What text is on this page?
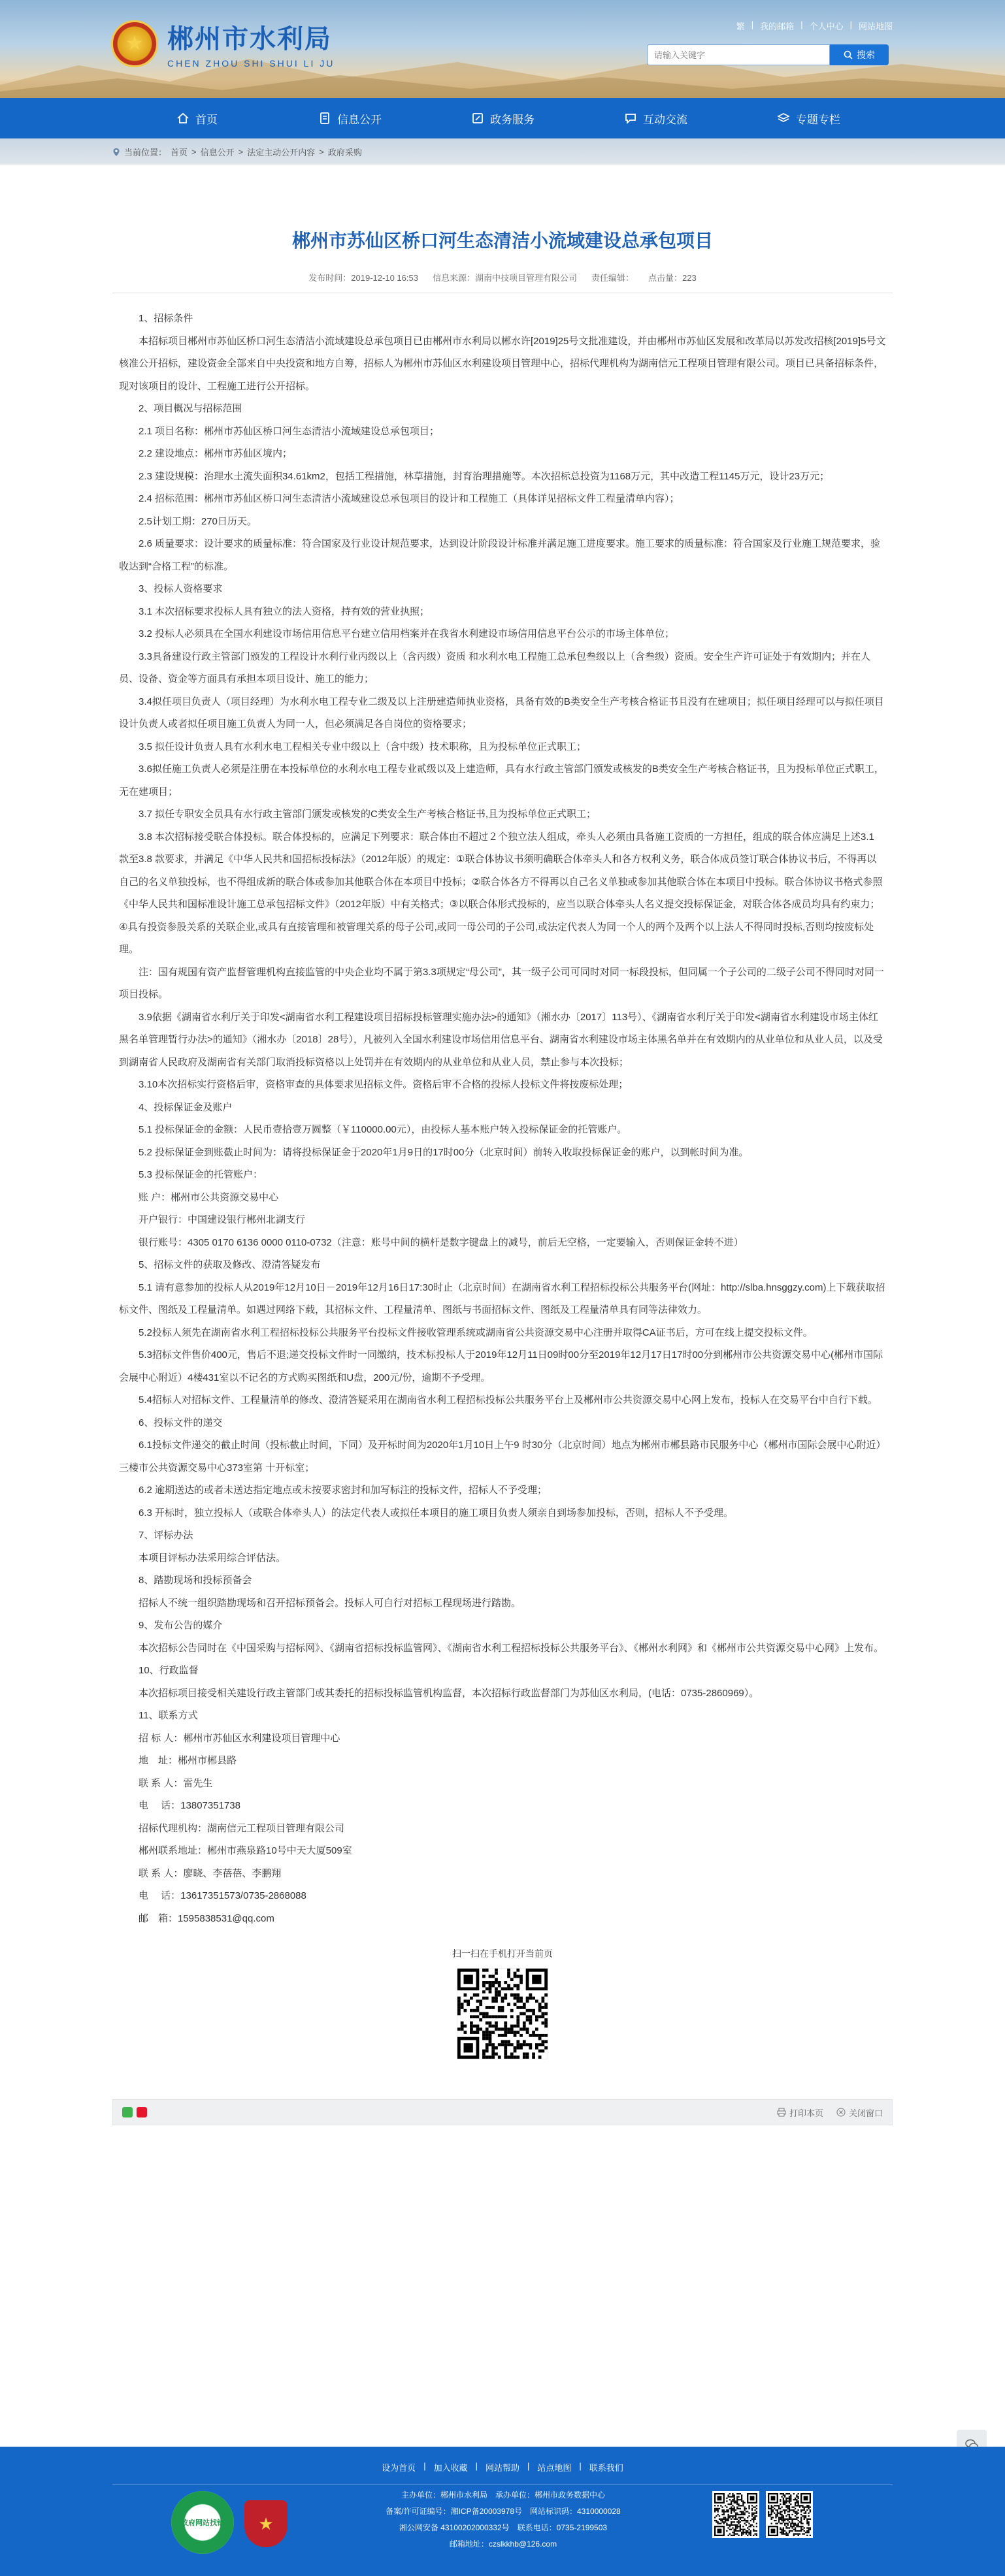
★ 郴州市水利局
CHEN ZHOU SHI SHUI LI JU
繁 | 我的邮箱 | 个人中心 | 网站地图
请输入关键字
搜索
首页	信息公开	政务服务	互动交流	专题专栏
当前位置： 首页 > 信息公开 > 法定主动公开内容 > 政府采购
郴州市苏仙区桥口河生态清洁小流域建设总承包项目
发布时间：2019-12-10 16:53 信息来源：湖南中技项目管理有限公司 责任编辑： 点击量：223

1、招标条件

本招标项目郴州市苏仙区桥口河生态清洁小流域建设总承包项目已由郴州市水利局以郴水许[2019]25号文批准建设，并由郴州市苏仙区发展和改革局以苏发改招核[2019]5号文核准公开招标，建设资金全部来自中央投资和地方自筹，招标人为郴州市苏仙区水利建设项目管理中心，招标代理机构为湖南信元工程项目管理有限公司。项目已具备招标条件，现对该项目的设计、工程施工进行公开招标。

2、项目概况与招标范围

2.1 项目名称：郴州市苏仙区桥口河生态清洁小流域建设总承包项目；

2.2 建设地点：郴州市苏仙区境内；

2.3 建设规模：治理水土流失面积34.61km2，包括工程措施，林草措施，封育治理措施等。本次招标总投资为1168万元，其中改造工程1145万元，设计23万元；

2.4 招标范围：郴州市苏仙区桥口河生态清洁小流域建设总承包项目的设计和工程施工（具体详见招标文件工程量清单内容）；

2.5计划工期：270日历天。

2.6 质量要求：设计要求的质量标准：符合国家及行业设计规范要求，达到设计阶段设计标准并满足施工进度要求。施工要求的质量标准：符合国家及行业施工规范要求，验收达到“合格工程”的标准。

3、投标人资格要求

3.1 本次招标要求投标人具有独立的法人资格，持有效的营业执照；

3.2 投标人必须具在全国水利建设市场信用信息平台建立信用档案并在我省水利建设市场信用信息平台公示的市场主体单位；

3.3具备建设行政主管部门颁发的工程设计水利行业丙级以上（含丙级）资质 和水利水电工程施工总承包叁级以上（含叁级）资质。安全生产许可证处于有效期内；并在人员、设备、资金等方面具有承担本项目设计、施工的能力；

3.4拟任项目负责人（项目经理）为水利水电工程专业二级及以上注册建造师执业资格，具备有效的B类安全生产考核合格证书且没有在建项目；拟任项目经理可以与拟任项目设计负责人或者拟任项目施工负责人为同一人，但必须满足各自岗位的资格要求；

3.5 拟任设计负责人具有水利水电工程相关专业中级以上（含中级）技术职称，且为投标单位正式职工；

3.6拟任施工负责人必须是注册在本投标单位的水利水电工程专业贰级以及上建造师，具有水行政主管部门颁发或核发的B类安全生产考核合格证书，且为投标单位正式职工，无在建项目；

3.7 拟任专职安全员具有水行政主管部门颁发或核发的C类安全生产考核合格证书,且为投标单位正式职工；

3.8 本次招标接受联合体投标。联合体投标的，应满足下列要求：联合体由不超过２个独立法人组成，牵头人必须由具备施工资质的一方担任，组成的联合体应满足上述3.1 款至3.8 款要求，并满足《中华人民共和国招标投标法》（2012年版）的规定：①联合体协议书须明确联合体牵头人和各方权利义务，联合体成员签订联合体协议书后，不得再以自己的名义单独投标，也不得组成新的联合体或参加其他联合体在本项目中投标；②联合体各方不得再以自己名义单独或参加其他联合体在本项目中投标。联合体协议书格式参照《中华人民共和国标准设计施工总承包招标文件》（2012年版）中有关格式；③以联合体形式投标的，应当以联合体牵头人名义提交投标保证金，对联合体各成员均具有约束力；④具有投资参股关系的关联企业,或具有直接管理和被管理关系的母子公司,或同一母公司的子公司,或法定代表人为同一个人的两个及两个以上法人不得同时投标,否则均按废标处理。

注：国有规国有资产监督管理机构直接监管的中央企业均不属于第3.3项规定“母公司”，其一级子公司可同时对同一标段投标，但同属一个子公司的二级子公司不得同时对同一项目投标。

3.9依据《湖南省水利厅关于印发<湖南省水利工程建设项目招标投标管理实施办法>的通知》（湘水办〔2017〕113号）、《湖南省水利厅关于印发<湖南省水利建设市场主体红黑名单管理暂行办法>的通知》（湘水办〔2018〕28号），凡被列入全国水利建设市场信用信息平台、湖南省水利建设市场主体黑名单并在有效期内的从业单位和从业人员，以及受到湖南省人民政府及湖南省有关部门取消投标资格以上处罚并在有效期内的从业单位和从业人员，禁止参与本次投标；

3.10本次招标实行资格后审，资格审查的具体要求见招标文件。资格后审不合格的投标人投标文件将按废标处理；

4、投标保证金及账户

5.1 投标保证金的金额：人民币壹拾壹万圆整（￥110000.00元），由投标人基本账户转入投标保证金的托管账户。

5.2 投标保证金到账截止时间为：请将投标保证金于2020年1月9日的17时00分（北京时间）前转入收取投标保证金的账户，以到帐时间为准。

5.3 投标保证金的托管账户：

账 户：郴州市公共资源交易中心

开户银行：中国建设银行郴州北湖支行

银行账号：4305 0170 6136 0000 0110-0732（注意：账号中间的横杆是数字键盘上的减号，前后无空格，一定要输入，否则保证金转不进）

5、招标文件的获取及修改、澄清答疑发布

5.1 请有意参加的投标人从2019年12月10日－2019年12月16日17:30时止（北京时间）在湖南省水利工程招标投标公共服务平台(网址：http://slba.hnsggzy.com)上下载获取招标文件、图纸及工程量清单。如遇过网络下载，其招标文件、工程量清单、图纸与书面招标文件、图纸及工程量清单具有同等法律效力。

5.2投标人须先在湖南省水利工程招标投标公共服务平台投标文件接收管理系统或湖南省公共资源交易中心注册并取得CA证书后，方可在线上提交投标文件。

5.3招标文件售价400元，售后不退;递交投标文件时一同缴纳，技术标投标人于2019年12月11日09时00分至2019年12月17日17时00分到郴州市公共资源交易中心(郴州市国际会展中心附近）4楼431室以不记名的方式购买图纸和U盘，200元/份，逾期不予受理。

5.4招标人对招标文件、工程量清单的修改、澄清答疑采用在湖南省水利工程招标投标公共服务平台上及郴州市公共资源交易中心网上发布，投标人在交易平台中自行下载。

6、投标文件的递交

6.1投标文件递交的截止时间（投标截止时间，下同）及开标时间为2020年1月10日上午9 时30分（北京时间）地点为郴州市郴县路市民服务中心（郴州市国际会展中心附近）三楼市公共资源交易中心373室第 十开标室；

6.2 逾期送达的或者未送达指定地点或未按要求密封和加写标注的投标文件，招标人不予受理；

6.3 开标时，独立投标人（或联合体牵头人）的法定代表人或拟任本项目的施工项目负责人须亲自到场参加投标，否则，招标人不予受理。

7、评标办法

本项目评标办法采用综合评估法。

8、踏勘现场和投标预备会

招标人不统一组织踏勘现场和召开招标预备会。投标人可自行对招标工程现场进行踏勘。

9、发布公告的媒介

本次招标公告同时在《中国采购与招标网》、《湖南省招标投标监管网》、《湖南省水利工程招标投标公共服务平台》、《郴州水利网》和《郴州市公共资源交易中心网》上发布。

10、行政监督

本次招标项目接受相关建设行政主管部门或其委托的招标投标监管机构监督，本次招标行政监督部门为苏仙区水利局，(电话：0735-2860969）。

11、联系方式

招 标 人：郴州市苏仙区水利建设项目管理中心

地　址：郴州市郴县路

联 系 人：雷先生

电　 话：13807351738

招标代理机构：湖南信元工程项目管理有限公司

郴州联系地址：郴州市燕泉路10号中天大厦509室

联 系 人：廖晓、李蓓蓓、李鹏翔

电　 话：13617351573/0735-2868088

邮　箱：1595838531@qq.com

扫一扫在手机打开当前页
打印本页	关闭窗口
设为首页 | 加入收藏 | 网站帮助 | 站点地图 | 联系我们
政府网站找错 ★
主办单位：郴州市水利局　承办单位：郴州市政务数据中心
备案/许可证编号：湘ICP备20003978号　网站标识码：4310000028
湘公网安备 43100202000332号　联系电话：0735-2199503
邮箱地址：czslkkhb@126.com
